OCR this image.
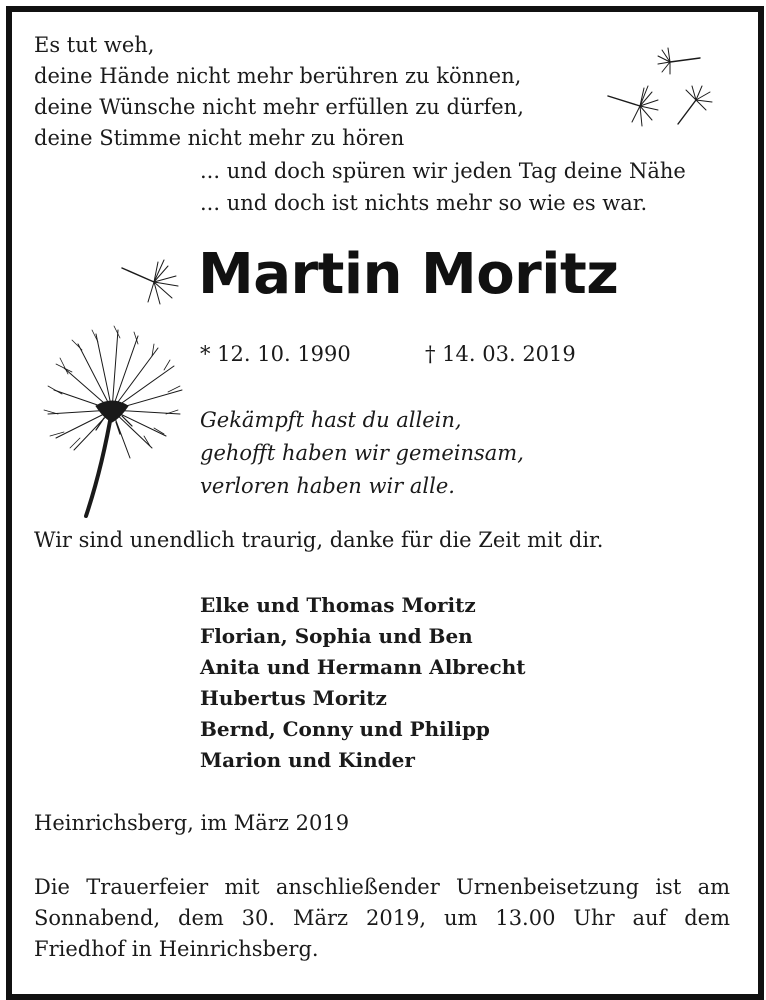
Es tut weh,
deine Hände nicht mehr berühren zu können,
deine Wünsche nicht mehr erfüllen zu dürfen,
deine Stimme nicht mehr zu hören
... und doch spüren wir jeden Tag deine Nähe
... und doch ist nichts mehr so wie es war.
Martin Moritz
* 12. 10. 1990	† 14. 03. 2019
Gekämpft hast du allein,
gehofft haben wir gemeinsam,
verloren haben wir alle.
Wir sind unendlich traurig, danke für die Zeit mit dir.
Elke und Thomas Moritz
Florian, Sophia und Ben
Anita und Hermann Albrecht
Hubertus Moritz
Bernd, Conny und Philipp
Marion und Kinder
Heinrichsberg, im März 2019
Die Trauerfeier mit anschließender Urnenbeisetzung ist am
Sonnabend, dem 30. März 2019, um 13.00 Uhr auf dem
Friedhof in Heinrichsberg.
